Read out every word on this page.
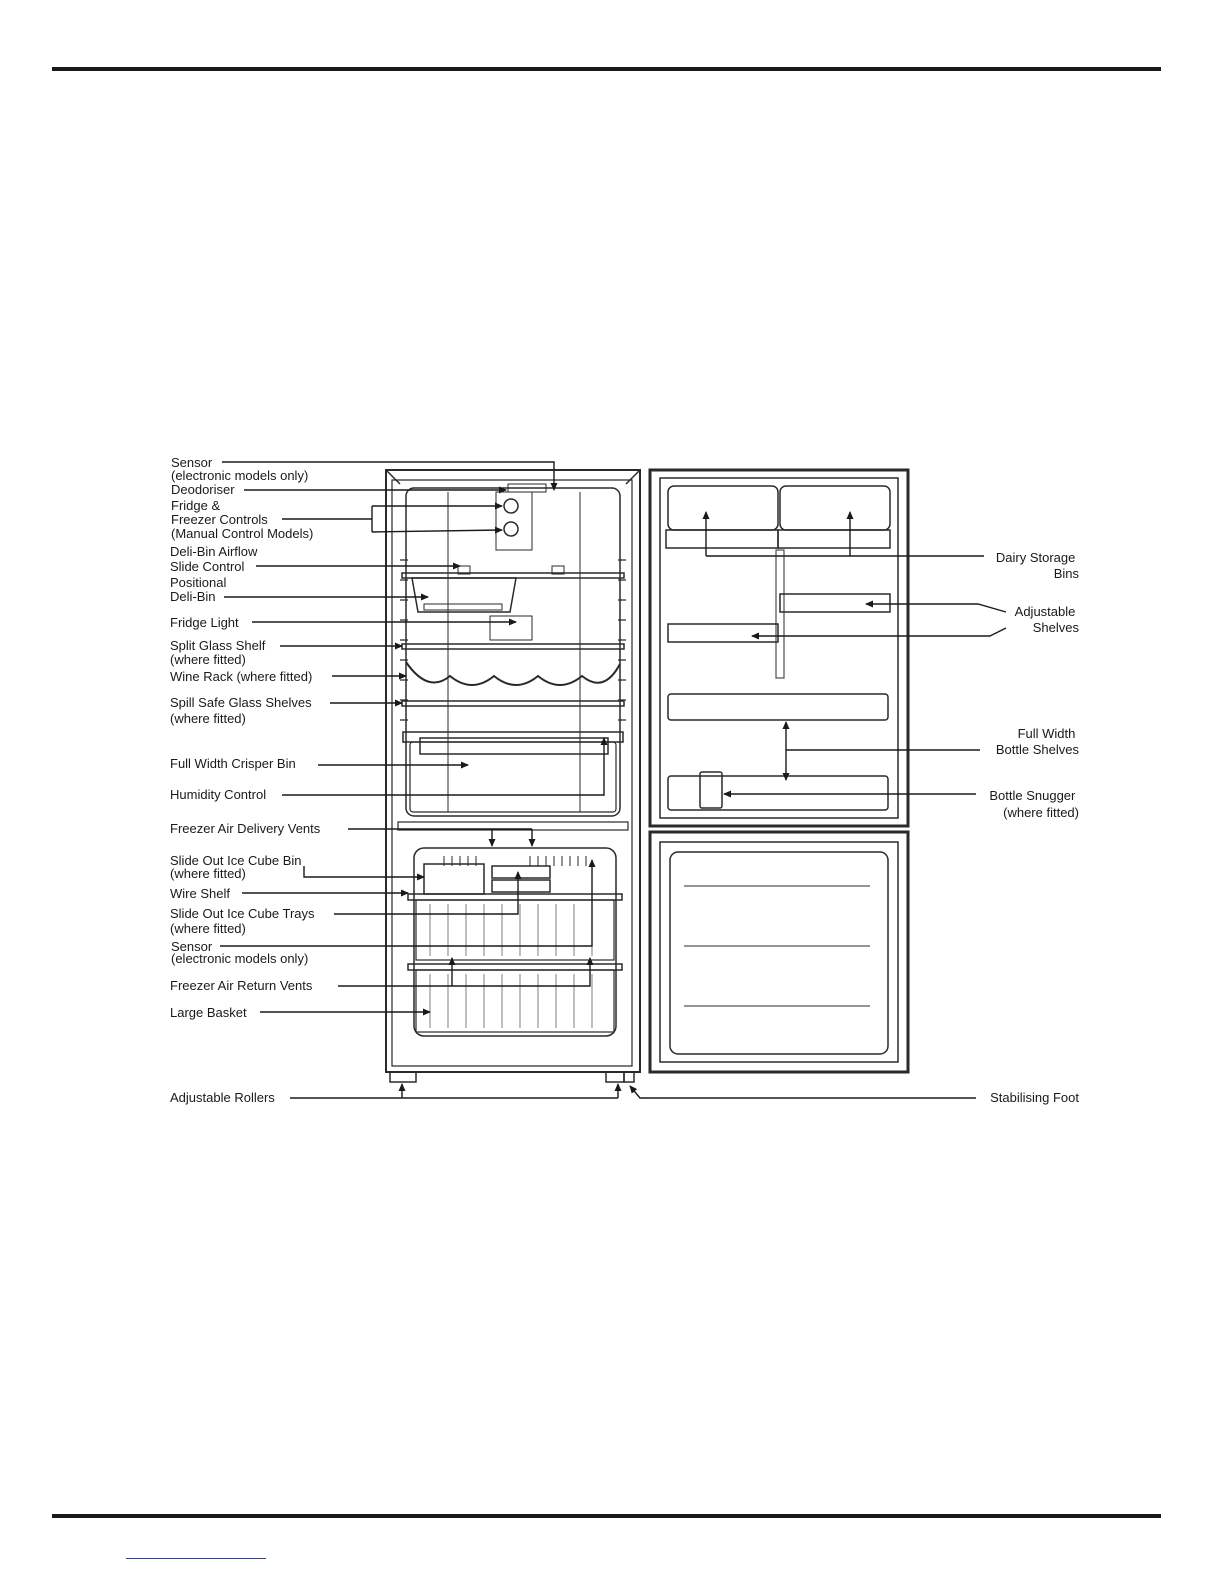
Sensor (electronic models only)
Deodoriser
Fridge & Freezer Controls (Manual Control Models)
Deli-Bin Airflow Slide Control
Positional Deli-Bin
Fridge Light
Split Glass Shelf (where fitted)
Wine Rack (where fitted)
Spill Safe Glass Shelves (where fitted)
Full Width Crisper Bin
Humidity Control
Freezer Air Delivery Vents
Slide Out Ice Cube Bin (where fitted)
Wire Shelf
Slide Out Ice Cube Trays (where fitted)
Sensor (electronic models only)
Freezer Air Return Vents
Large Basket
Adjustable Rollers
Dairy Storage Bins
Adjustable Shelves
Full Width Bottle Shelves
Bottle Snugger (where fitted)
Stabilising Foot
